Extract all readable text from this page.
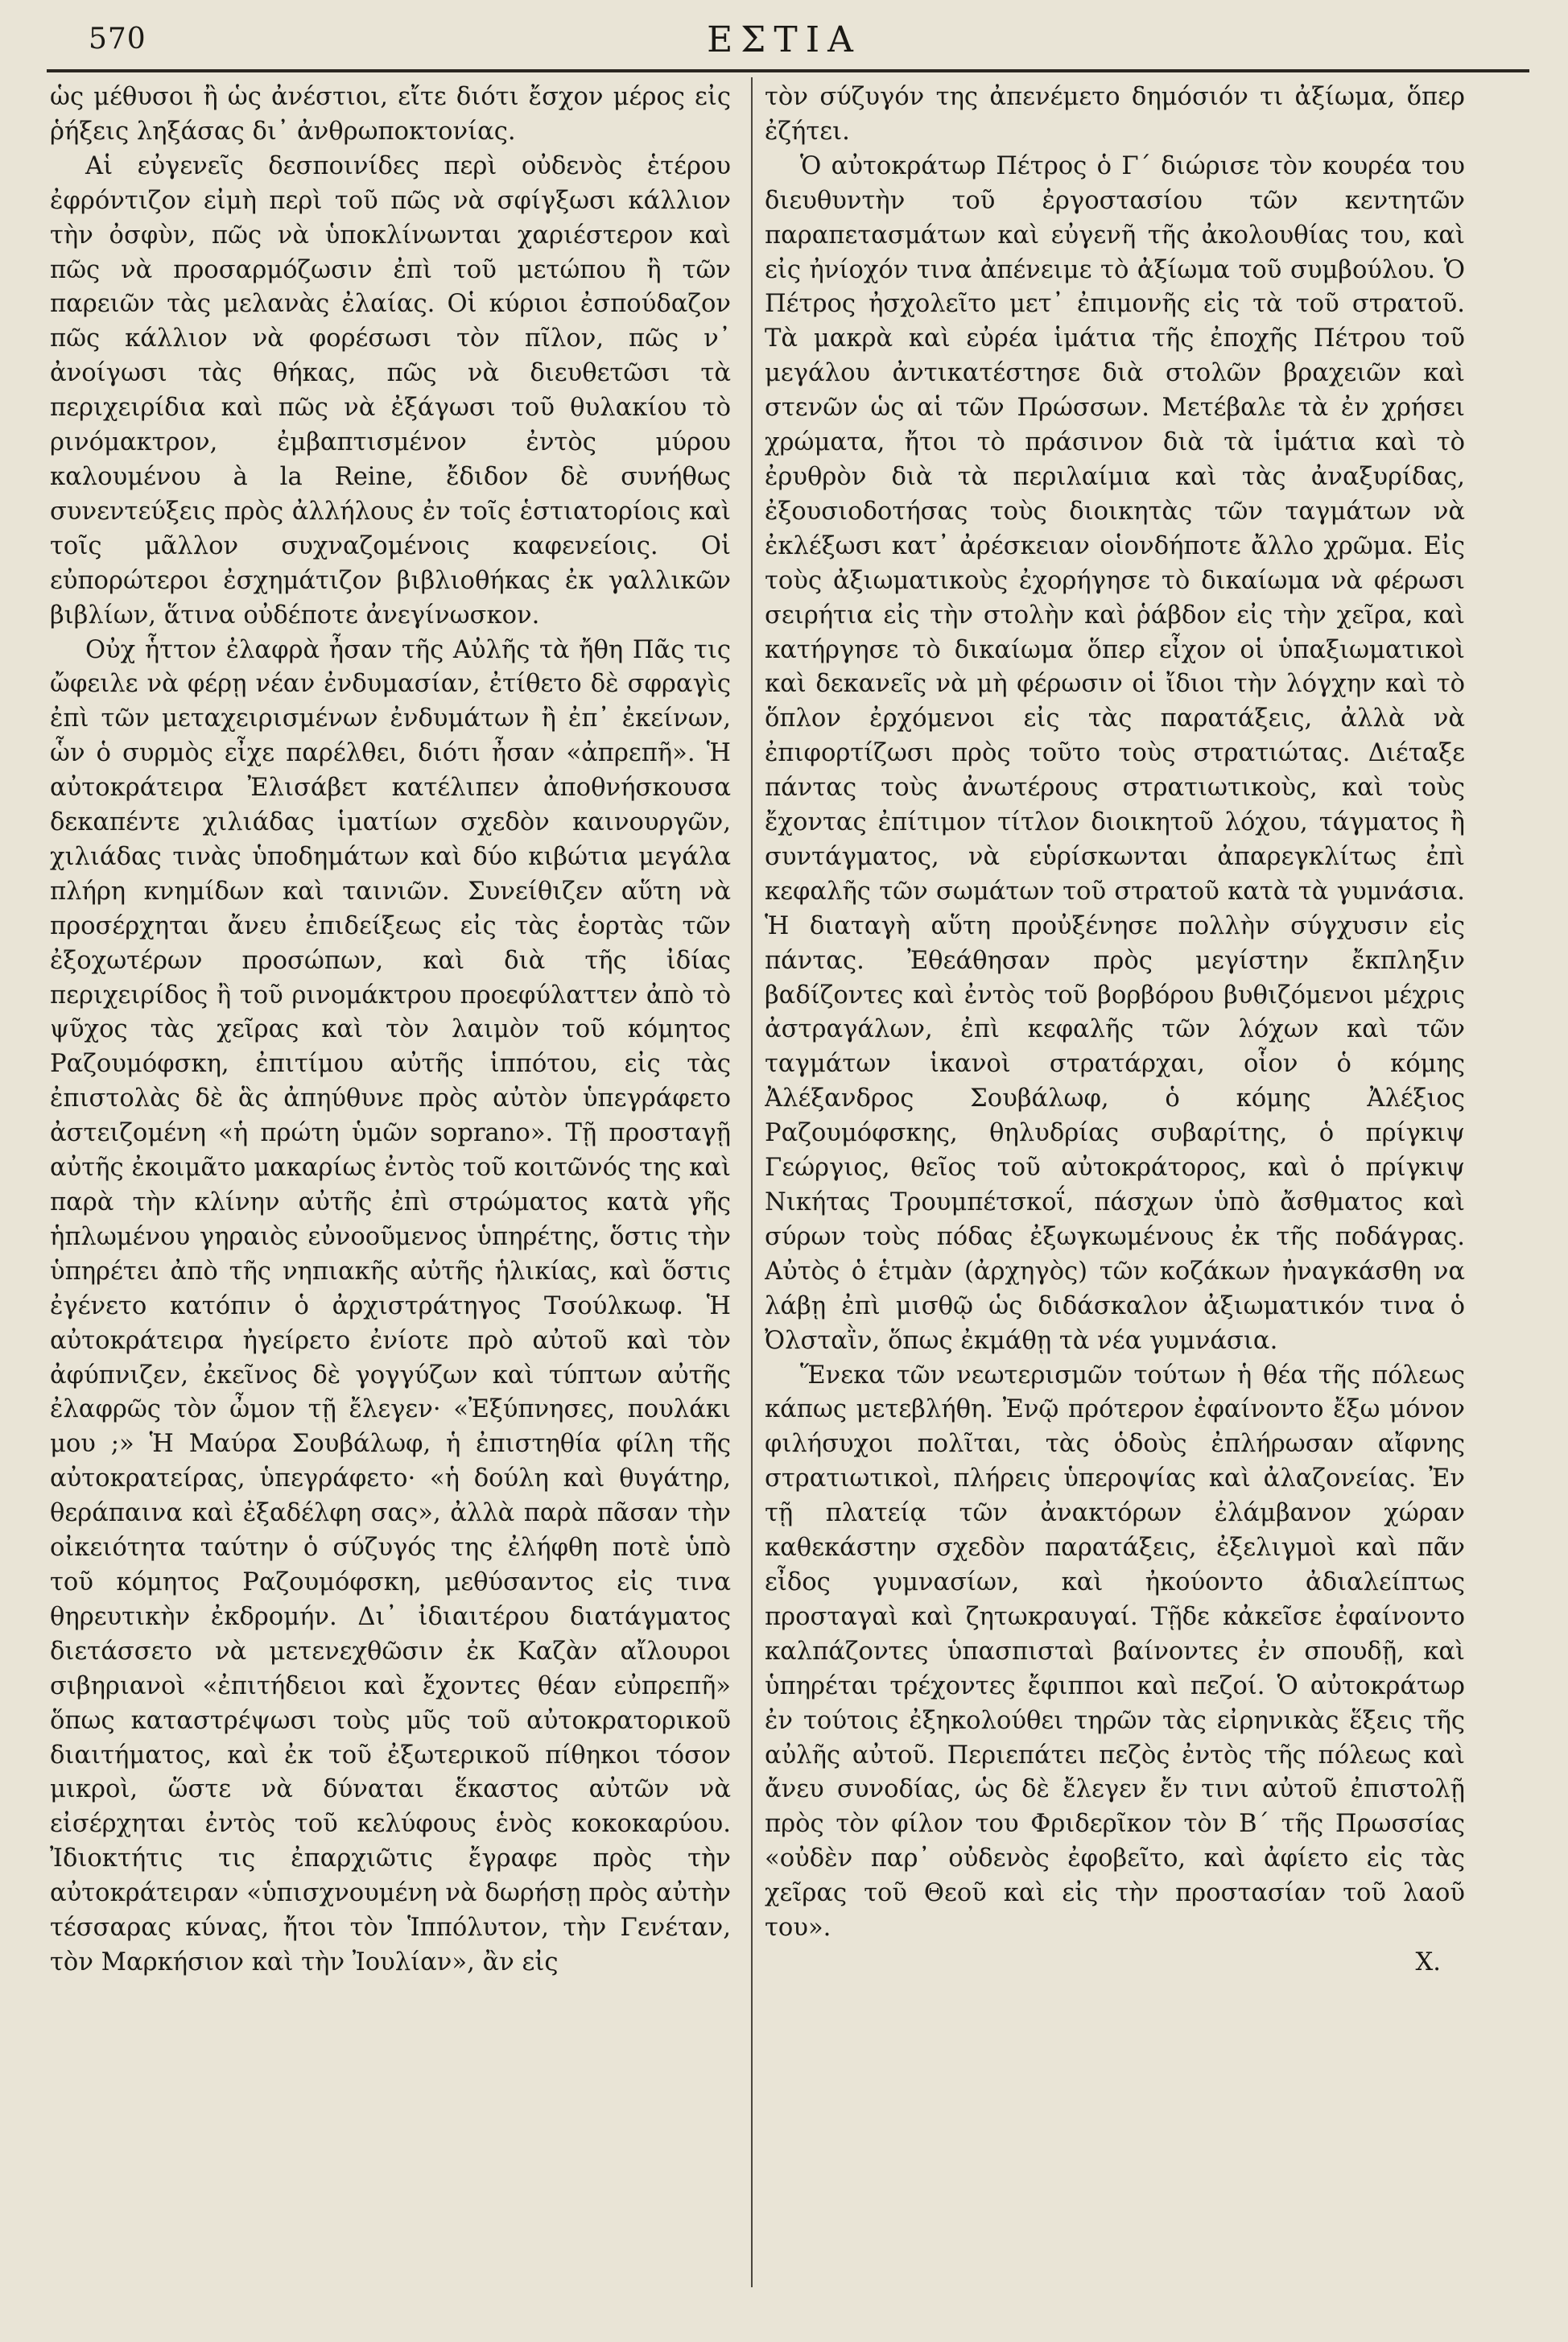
570	ΕΣΤΙΑ

ὡς μέθυσοι ἢ ὡς ἀνέστιοι, εἴτε διότι ἔσχον μέρος εἰς ῥήξεις ληξάσας δι᾽ ἀνθρωποκτονίας.

Αἱ εὐγενεῖς δεσποινίδες περὶ οὐδενὸς ἑτέρου ἐφρόντιζον εἰμὴ περὶ τοῦ πῶς νὰ σφίγξωσι κάλλιον τὴν ὀσφὺν, πῶς νὰ ὑποκλίνωνται χαριέστερον καὶ πῶς νὰ προσαρμόζωσιν ἐπὶ τοῦ μετώπου ἢ τῶν παρειῶν τὰς μελανὰς ἐλαίας. Οἱ κύριοι ἐσπούδαζον πῶς κάλλιον νὰ φορέσωσι τὸν πῖλον, πῶς ν᾽ ἀνοίγωσι τὰς θήκας, πῶς νὰ διευθετῶσι τὰ περιχειρίδια καὶ πῶς νὰ ἐξάγωσι τοῦ θυλακίου τὸ ρινόμακτρον, ἐμβαπτισμένον ἐντὸς μύρου καλουμένου à la Reine, ἔδιδον δὲ συνήθως συνεντεύξεις πρὸς ἀλλήλους ἐν τοῖς ἑστιατορίοις καὶ τοῖς μᾶλλον συχναζομένοις καφενείοις. Οἱ εὐπορώτεροι ἐσχημάτιζον βιβλιοθήκας ἐκ γαλλικῶν βιβλίων, ἅτινα οὐδέποτε ἀνεγίνωσκον.

Οὐχ ἧττον ἐλαφρὰ ἦσαν τῆς Αὐλῆς τὰ ἤθη Πᾶς τις ὤφειλε νὰ φέρῃ νέαν ἐνδυμασίαν, ἐτίθετο δὲ σφραγὶς ἐπὶ τῶν μεταχειρισμένων ἐνδυμάτων ἢ ἐπ᾽ ἐκείνων, ὧν ὁ συρμὸς εἶχε παρέλθει, διότι ἦσαν «ἀπρεπῆ». Ἡ αὐτοκράτειρα Ἐλισάβετ κατέλιπεν ἀποθνήσκουσα δεκαπέντε χιλιάδας ἱματίων σχεδὸν καινουργῶν, χιλιάδας τινὰς ὑποδημάτων καὶ δύο κιβώτια μεγάλα πλήρη κνημίδων καὶ ταινιῶν. Συνείθιζεν αὕτη νὰ προσέρχηται ἄνευ ἐπιδείξεως εἰς τὰς ἑορτὰς τῶν ἐξοχωτέρων προσώπων, καὶ διὰ τῆς ἰδίας περιχειρίδος ἢ τοῦ ρινομάκτρου προεφύλαττεν ἀπὸ τὸ ψῦχος τὰς χεῖρας καὶ τὸν λαιμὸν τοῦ κόμητος Ραζουμόφσκη, ἐπιτίμου αὐτῆς ἱππότου, εἰς τὰς ἐπιστολὰς δὲ ἃς ἀπηύθυνε πρὸς αὐτὸν ὑπεγράφετο ἀστειζομένη «ἡ πρώτη ὑμῶν soprano». Τῇ προσταγῇ αὐτῆς ἐκοιμᾶτο μακαρίως ἐντὸς τοῦ κοιτῶνός της καὶ παρὰ τὴν κλίνην αὐτῆς ἐπὶ στρώματος κατὰ γῆς ἡπλωμένου γηραιὸς εὐνοοῦμενος ὑπηρέτης, ὅστις τὴν ὑπηρέτει ἀπὸ τῆς νηπιακῆς αὐτῆς ἡλικίας, καὶ ὅστις ἐγένετο κατόπιν ὁ ἀρχιστράτηγος Τσούλκωφ. Ἡ αὐτοκράτειρα ἠγείρετο ἐνίοτε πρὸ αὐτοῦ καὶ τὸν ἀφύπνιζεν, ἐκεῖνος δὲ γογγύζων καὶ τύπτων αὐτῆς ἐλαφρῶς τὸν ὦμον τῇ ἔλεγεν· «Ἐξύπνησες, πουλάκι μου ;» Ἡ Μαύρα Σουβάλωφ, ἡ ἐπιστηθία φίλη τῆς αὐτοκρατείρας, ὑπεγράφετο· «ἡ δούλη καὶ θυγάτηρ, θεράπαινα καὶ ἐξαδέλφη σας», ἀλλὰ παρὰ πᾶσαν τὴν οἰκειότητα ταύτην ὁ σύζυγός της ἐλήφθη ποτὲ ὑπὸ τοῦ κόμητος Ραζουμόφσκη, μεθύσαντος εἰς τινα θηρευτικὴν ἐκδρομήν. Δι᾽ ἰδιαιτέρου διατάγματος διετάσσετο νὰ μετενεχθῶσιν ἐκ Καζὰν αἴλουροι σιβηριανοὶ «ἐπιτήδειοι καὶ ἔχοντες θέαν εὐπρεπῆ» ὅπως καταστρέψωσι τοὺς μῦς τοῦ αὐτοκρατορικοῦ διαιτήματος, καὶ ἐκ τοῦ ἐξωτερικοῦ πίθηκοι τόσον μικροὶ, ὥστε νὰ δύναται ἕκαστος αὐτῶν νὰ εἰσέρχηται ἐντὸς τοῦ κελύφους ἑνὸς κοκοκαρύου. Ἰδιοκτήτις τις ἐπαρχιῶτις ἔγραφε πρὸς τὴν αὐτοκράτειραν «ὑπισχνουμένη νὰ δωρήσῃ πρὸς αὐτὴν τέσσαρας κύνας, ἤτοι τὸν Ἱππόλυτον, τὴν Γενέταν, τὸν Μαρκήσιον καὶ τὴν Ἰουλίαν», ἂν εἰς

τὸν σύζυγόν της ἀπενέμετο δημόσιόν τι ἀξίωμα, ὅπερ ἐζήτει.

Ὁ αὐτοκράτωρ Πέτρος ὁ Γ΄ διώρισε τὸν κουρέα του διευθυντὴν τοῦ ἐργοστασίου τῶν κεντητῶν παραπετασμάτων καὶ εὐγενῆ τῆς ἀκολουθίας του, καὶ εἰς ἠνίοχόν τινα ἀπένειμε τὸ ἀξίωμα τοῦ συμβούλου. Ὁ Πέτρος ἠσχολεῖτο μετ᾽ ἐπιμονῆς εἰς τὰ τοῦ στρατοῦ. Τὰ μακρὰ καὶ εὐρέα ἱμάτια τῆς ἐποχῆς Πέτρου τοῦ μεγάλου ἀντικατέστησε διὰ στολῶν βραχειῶν καὶ στενῶν ὡς αἱ τῶν Πρώσσων. Μετέβαλε τὰ ἐν χρήσει χρώματα, ἤτοι τὸ πράσινον διὰ τὰ ἱμάτια καὶ τὸ ἐρυθρὸν διὰ τὰ περιλαίμια καὶ τὰς ἀναξυρίδας, ἐξουσιοδοτήσας τοὺς διοικητὰς τῶν ταγμάτων νὰ ἐκλέξωσι κατ᾽ ἀρέσκειαν οἱονδήποτε ἄλλο χρῶμα. Εἰς τοὺς ἀξιωματικοὺς ἐχορήγησε τὸ δικαίωμα νὰ φέρωσι σειρήτια εἰς τὴν στολὴν καὶ ῥάβδον εἰς τὴν χεῖρα, καὶ κατήργησε τὸ δικαίωμα ὅπερ εἶχον οἱ ὑπαξιωματικοὶ καὶ δεκανεῖς νὰ μὴ φέρωσιν οἱ ἴδιοι τὴν λόγχην καὶ τὸ ὅπλον ἐρχόμενοι εἰς τὰς παρατάξεις, ἀλλὰ νὰ ἐπιφορτίζωσι πρὸς τοῦτο τοὺς στρατιώτας. Διέταξε πάντας τοὺς ἀνωτέρους στρατιωτικοὺς, καὶ τοὺς ἔχοντας ἐπίτιμον τίτλον διοικητοῦ λόχου, τάγματος ἢ συντάγματος, νὰ εὑρίσκωνται ἀπαρεγκλίτως ἐπὶ κεφαλῆς τῶν σωμάτων τοῦ στρατοῦ κατὰ τὰ γυμνάσια. Ἡ διαταγὴ αὕτη προὐξένησε πολλὴν σύγχυσιν εἰς πάντας. Ἐθεάθησαν πρὸς μεγίστην ἔκπληξιν βαδίζοντες καὶ ἐντὸς τοῦ βορβόρου βυθιζόμενοι μέχρις ἀστραγάλων, ἐπὶ κεφαλῆς τῶν λόχων καὶ τῶν ταγμάτων ἱκανοὶ στρατάρχαι, οἷον ὁ κόμης Ἀλέξανδρος Σουβάλωφ, ὁ κόμης Ἀλέξιος Ραζουμόφσκης, θηλυδρίας συβαρίτης, ὁ πρίγκιψ Γεώργιος, θεῖος τοῦ αὐτοκράτορος, καὶ ὁ πρίγκιψ Νικήτας Τρουμπέτσκοΐ, πάσχων ὑπὸ ἄσθματος καὶ σύρων τοὺς πόδας ἐξωγκωμένους ἐκ τῆς ποδάγρας. Αὐτὸς ὁ ἑτμὰν (ἀρχηγὸς) τῶν κοζάκων ἠναγκάσθη να λάβῃ ἐπὶ μισθῷ ὡς διδάσκαλον ἀξιωματικόν τινα ὁ Ὀλσταῒν, ὅπως ἐκμάθῃ τὰ νέα γυμνάσια.

Ἕνεκα τῶν νεωτερισμῶν τούτων ἡ θέα τῆς πόλεως κάπως μετεβλήθη. Ἐνῷ πρότερον ἐφαίνοντο ἔξω μόνον φιλήσυχοι πολῖται, τὰς ὁδοὺς ἐπλήρωσαν αἴφνης στρατιωτικοὶ, πλήρεις ὑπεροψίας καὶ ἀλαζονείας. Ἐν τῇ πλατείᾳ τῶν ἀνακτόρων ἐλάμβανον χώραν καθεκάστην σχεδὸν παρατάξεις, ἐξελιγμοὶ καὶ πᾶν εἶδος γυμνασίων, καὶ ἠκούοντο ἀδιαλείπτως προσταγαὶ καὶ ζητωκραυγαί. Τῇδε κἀκεῖσε ἐφαίνοντο καλπάζοντες ὑπασπισταὶ βαίνοντες ἐν σπουδῇ, καὶ ὑπηρέται τρέχοντες ἔφιπποι καὶ πεζοί. Ὁ αὐτοκράτωρ ἐν τούτοις ἐξηκολούθει τηρῶν τὰς εἰρηνικὰς ἕξεις τῆς αὐλῆς αὐτοῦ. Περιεπάτει πεζὸς ἐντὸς τῆς πόλεως καὶ ἄνευ συνοδίας, ὡς δὲ ἔλεγεν ἔν τινι αὐτοῦ ἐπιστολῇ πρὸς τὸν φίλον του Φριδερῖκον τὸν Β΄ τῆς Πρωσσίας «οὐδὲν παρ᾽ οὐδενὸς ἐφοβεῖτο, καὶ ἀφίετο εἰς τὰς χεῖρας τοῦ Θεοῦ καὶ εἰς τὴν προστασίαν τοῦ λαοῦ του».

Χ.
